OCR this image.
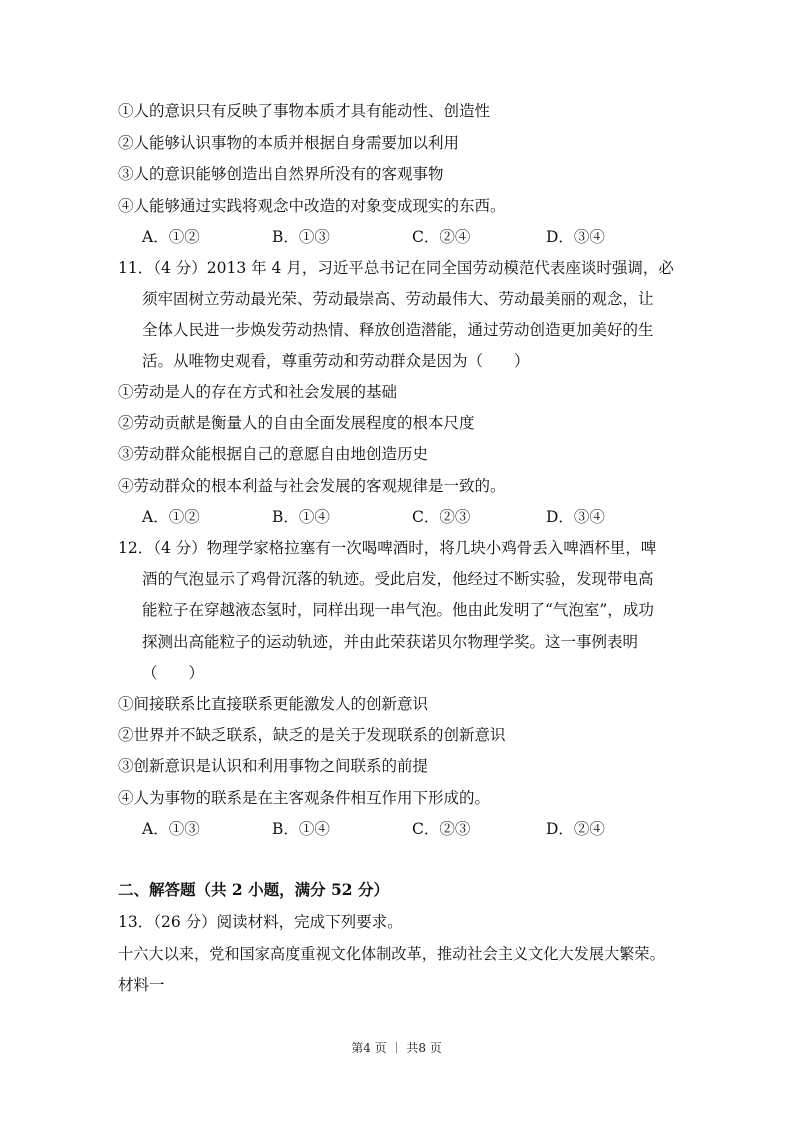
①人的意识只有反映了事物本质才具有能动性、创造性
②人能够认识事物的本质并根据自身需要加以利用
③人的意识能够创造出自然界所没有的客观事物
④人能够通过实践将观念中改造的对象变成现实的东西。
A．①②	B．①③	C．②④	D．③④
11．（4 分）2013 年 4 月，习近平总书记在同全国劳动模范代表座谈时强调，必
须牢固树立劳动最光荣、劳动最崇高、劳动最伟大、劳动最美丽的观念，让
全体人民进一步焕发劳动热情、释放创造潜能，通过劳动创造更加美好的生
活。从唯物史观看，尊重劳动和劳动群众是因为（　　）
①劳动是人的存在方式和社会发展的基础
②劳动贡献是衡量人的自由全面发展程度的根本尺度
③劳动群众能根据自己的意愿自由地创造历史
④劳动群众的根本利益与社会发展的客观规律是一致的。
A．①②	B．①④	C．②③	D．③④
12．（4 分）物理学家格拉塞有一次喝啤酒时，将几块小鸡骨丢入啤酒杯里，啤
酒的气泡显示了鸡骨沉落的轨迹。受此启发，他经过不断实验，发现带电高
能粒子在穿越液态氢时，同样出现一串气泡。他由此发明了“气泡室”，成功
探测出高能粒子的运动轨迹，并由此荣获诺贝尔物理学奖。这一事例表明
（　　）
①间接联系比直接联系更能激发人的创新意识
②世界并不缺乏联系，缺乏的是关于发现联系的创新意识
③创新意识是认识和利用事物之间联系的前提
④人为事物的联系是在主客观条件相互作用下形成的。
A．①③	B．①④	C．②③	D．②④
二、解答题（共 2 小题，满分 52 分）
13．（26 分）阅读材料，完成下列要求。
十六大以来，党和国家高度重视文化体制改革，推动社会主义文化大发展大繁荣。
材料一
第4 页 ｜ 共8 页
